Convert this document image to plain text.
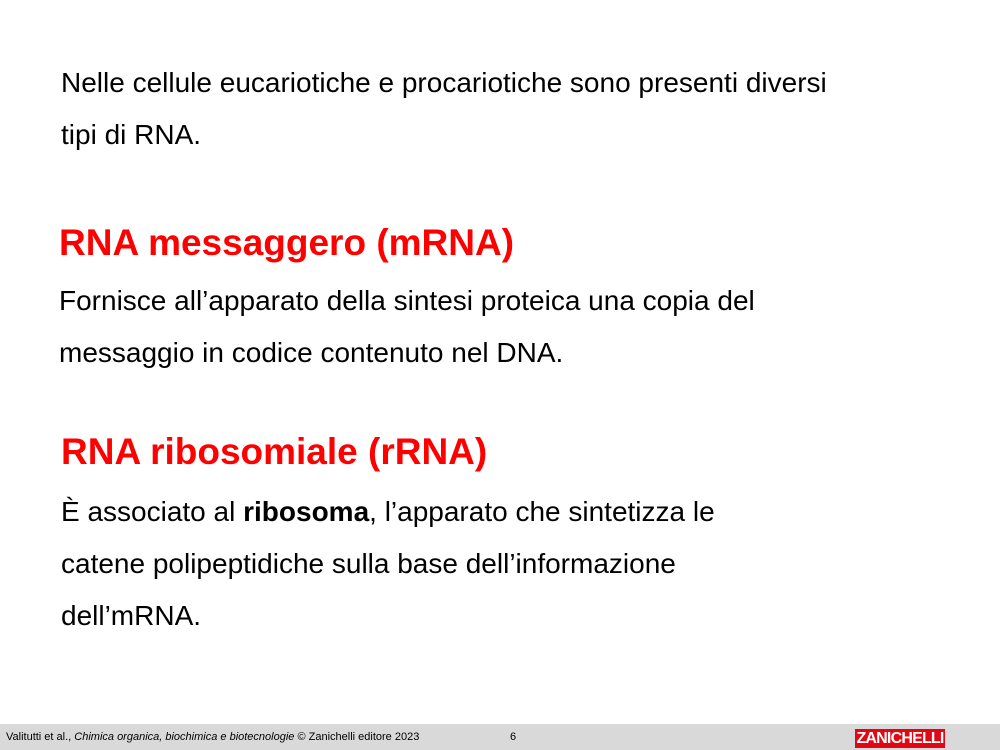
Nelle cellule eucariotiche e procariotiche sono presenti diversi
tipi di RNA.

RNA messaggero (mRNA)

Fornisce all’apparato della sintesi proteica una copia del
messaggio in codice contenuto nel DNA.

RNA ribosomiale (rRNA)

È associato al ribosoma, l’apparato che sintetizza le
catene polipeptidiche sulla base dell’informazione
dell’mRNA.

Valitutti et al., Chimica organica, biochimica e biotecnologie © Zanichelli editore 2023	6	ZANICHELLI
